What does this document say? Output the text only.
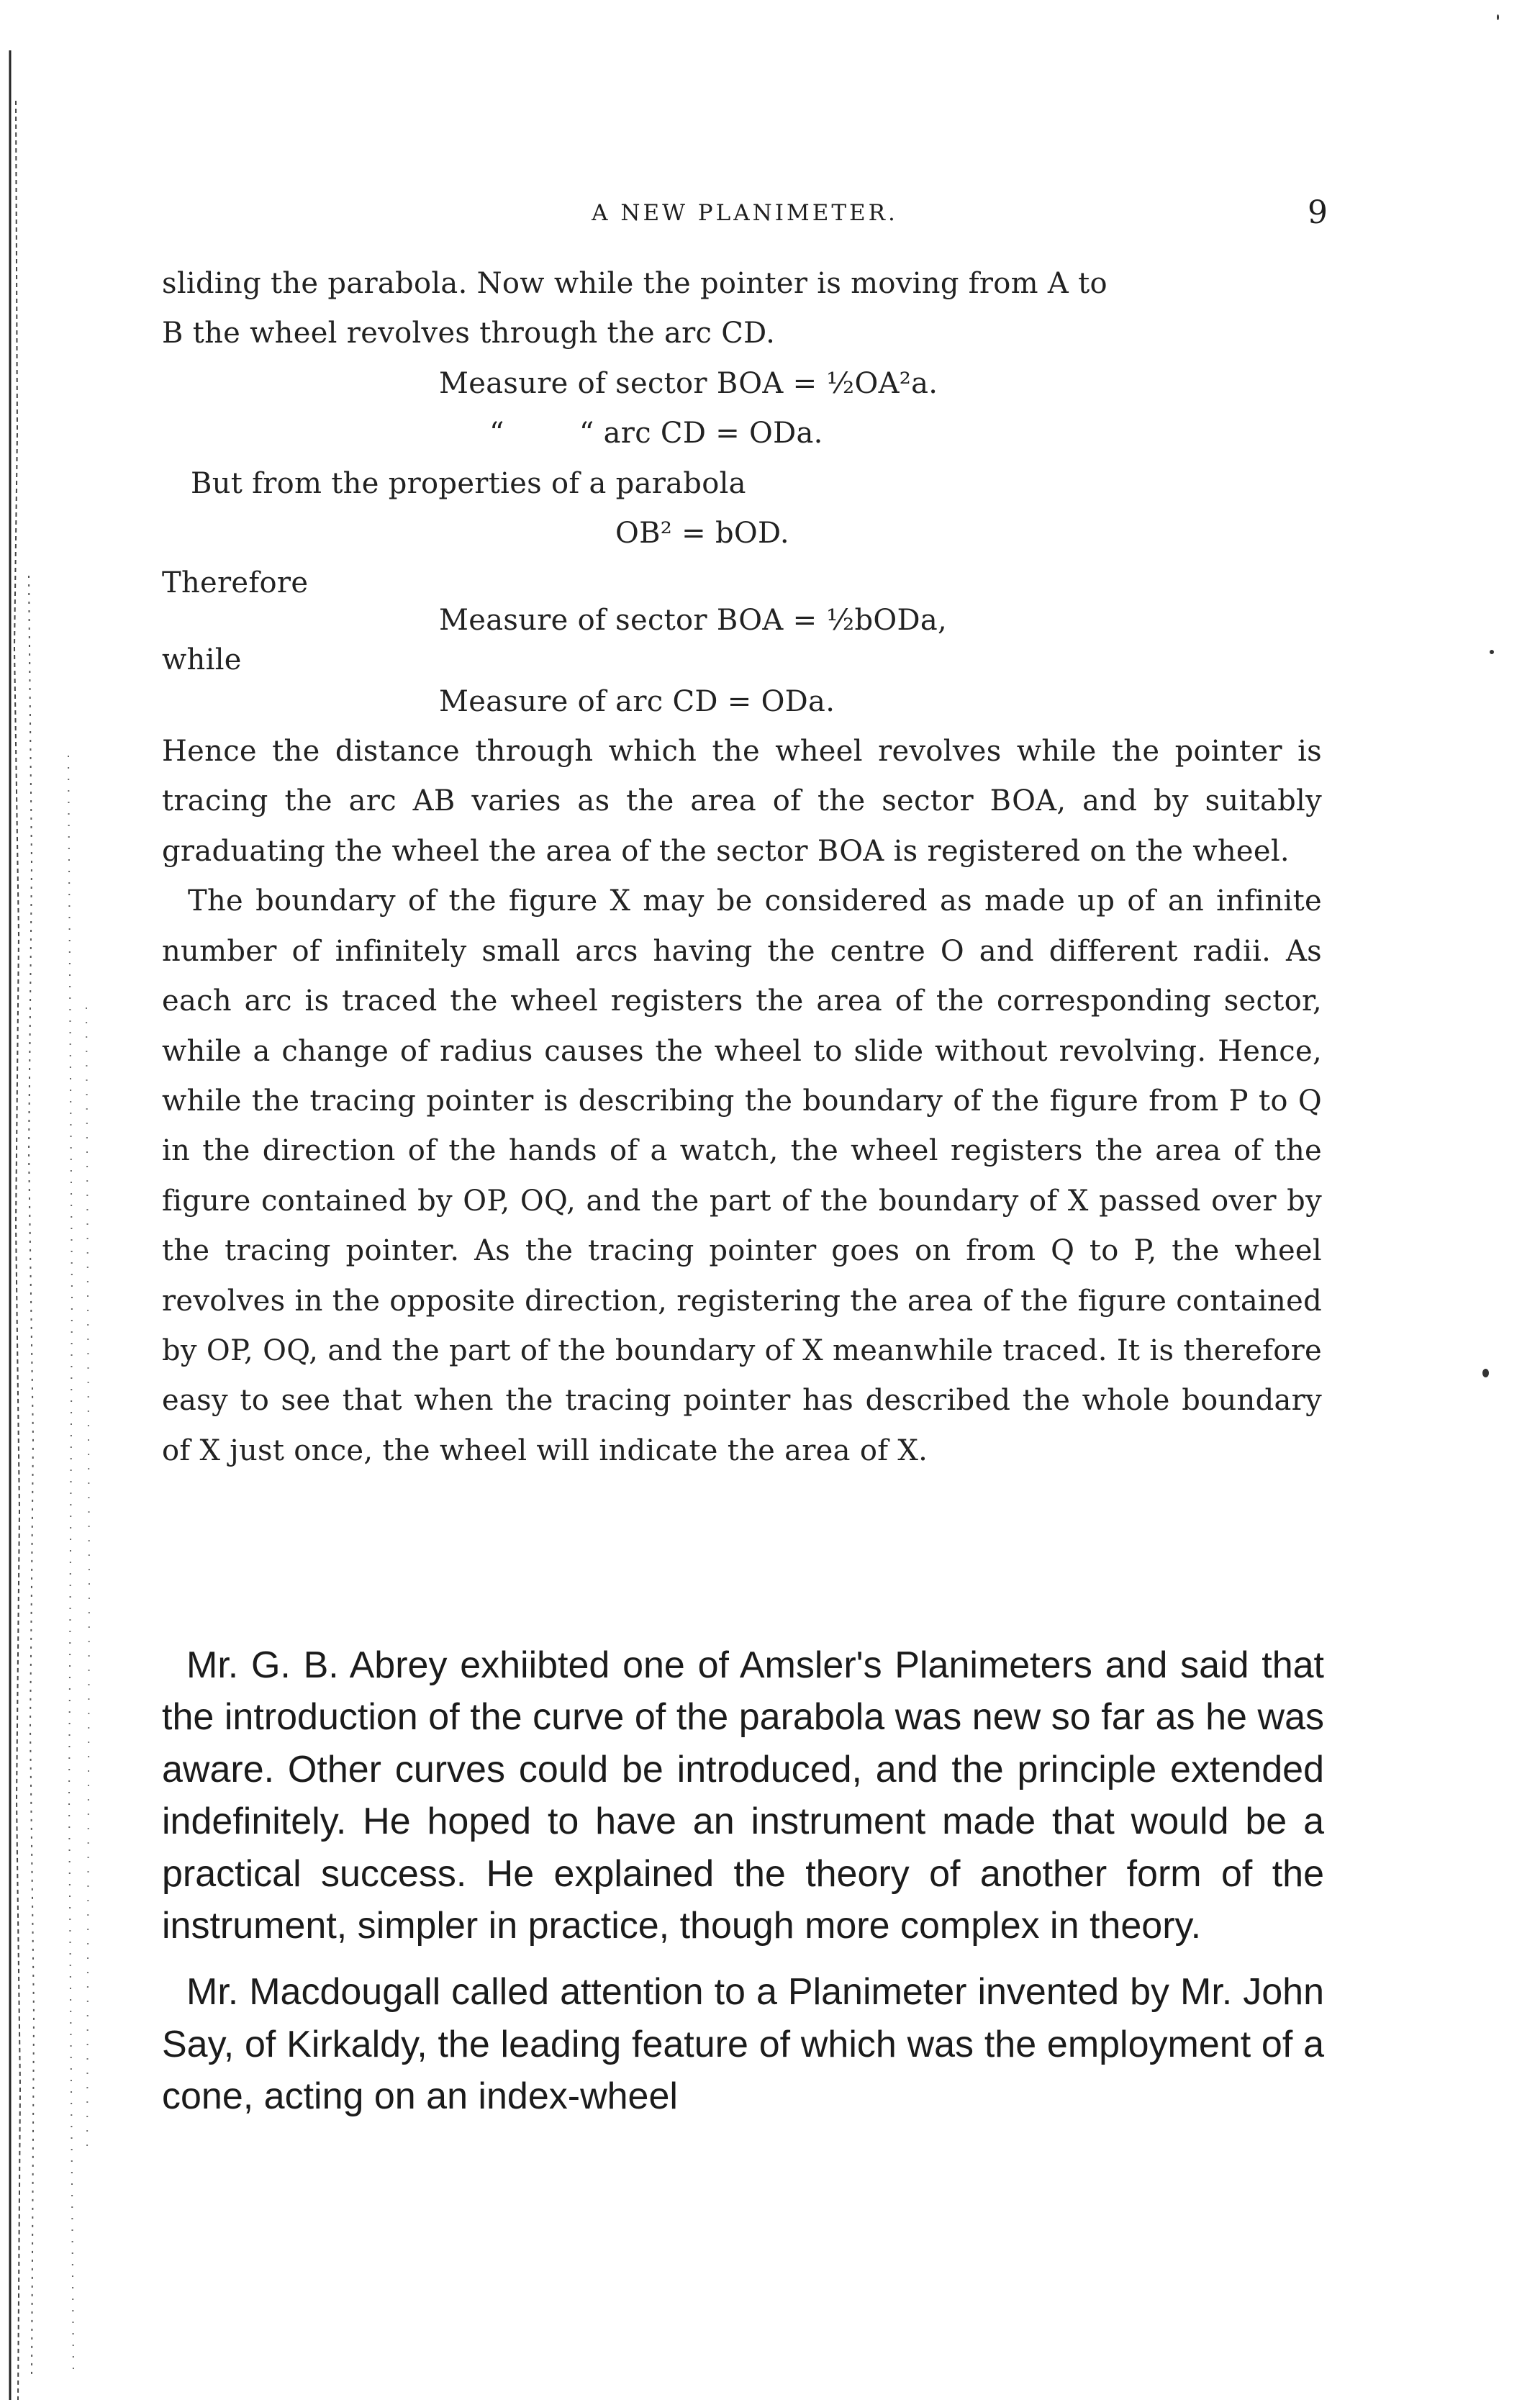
A NEW PLANIMETER.	9

sliding the parabola. Now while the pointer is moving from A to

B the wheel revolves through the arc CD.

Measure of sector BOA = ½OA²a.
“        “ arc CD = ODa.
But from the properties of a parabola
OB² = bOD.
Therefore
Measure of sector BOA = ½bODa,
while
Measure of arc CD = ODa.

Hence the distance through which the wheel revolves while the pointer is tracing the arc AB varies as the area of the sector BOA, and by suitably graduating the wheel the area of the sector BOA is registered on the wheel.

The boundary of the figure X may be considered as made up of an infinite number of infinitely small arcs having the centre O and different radii. As each arc is traced the wheel registers the area of the corresponding sector, while a change of radius causes the wheel to slide without revolving. Hence, while the tracing pointer is describing the boundary of the figure from P to Q in the direction of the hands of a watch, the wheel registers the area of the figure contained by OP, OQ, and the part of the boundary of X passed over by the tracing pointer. As the tracing pointer goes on from Q to P, the wheel revolves in the opposite direction, registering the area of the figure contained by OP, OQ, and the part of the boundary of X meanwhile traced. It is therefore easy to see that when the tracing pointer has described the whole boundary of X just once, the wheel will indicate the area of X.

Mr. G. B. Abrey exhiibted one of Amsler's Planimeters and said that the introduction of the curve of the parabola was new so far as he was aware. Other curves could be introduced, and the principle extended indefinitely. He hoped to have an instrument made that would be a practical success. He explained the theory of another form of the instrument, simpler in practice, though more complex in theory.

Mr. Macdougall called attention to a Planimeter invented by Mr. John Say, of Kirkaldy, the leading feature of which was the employment of a cone, acting on an index-wheel
